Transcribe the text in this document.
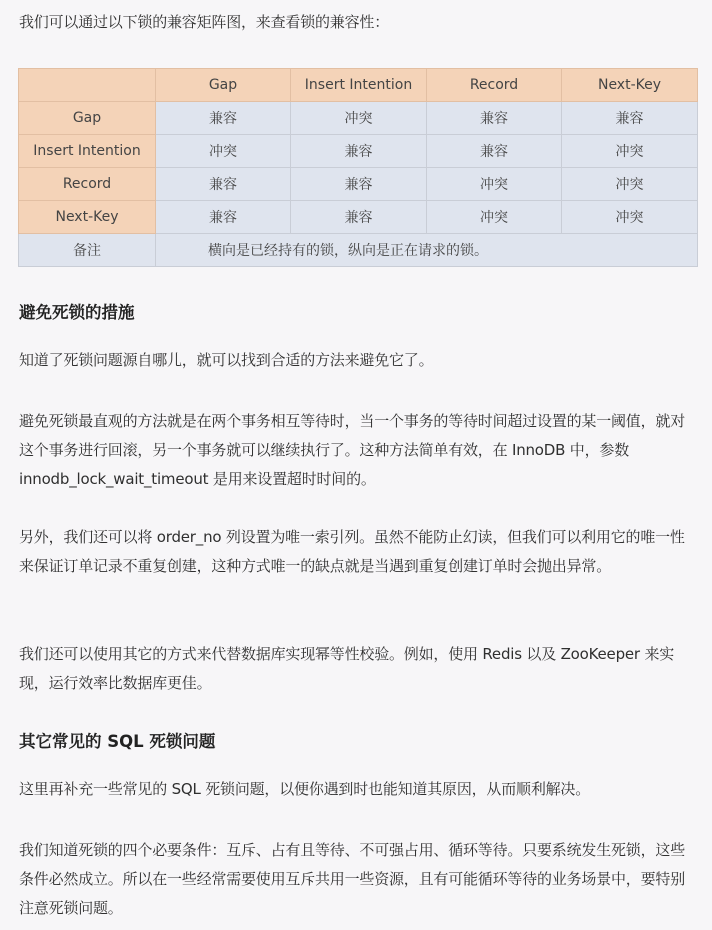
我们可以通过以下锁的兼容矩阵图，来查看锁的兼容性：

	Gap	Insert Intention	Record	Next-Key
Gap	兼容	冲突	兼容	兼容
Insert Intention	冲突	兼容	兼容	冲突
Record	兼容	兼容	冲突	冲突
Next-Key	兼容	兼容	冲突	冲突
备注	横向是已经持有的锁，纵向是正在请求的锁。			
避免死锁的措施

知道了死锁问题源自哪儿，就可以找到合适的方法来避免它了。

避免死锁最直观的方法就是在两个事务相互等待时，当一个事务的等待时间超过设置的某一阈值，就对这个事务进行回滚，另一个事务就可以继续执行了。这种方法简单有效，在 InnoDB 中，参数 innodb_lock_wait_timeout 是用来设置超时时间的。

另外，我们还可以将 order_no 列设置为唯一索引列。虽然不能防止幻读，但我们可以利用它的唯一性来保证订单记录不重复创建，这种方式唯一的缺点就是当遇到重复创建订单时会抛出异常。

我们还可以使用其它的方式来代替数据库实现幂等性校验。例如，使用 Redis 以及 ZooKeeper 来实现，运行效率比数据库更佳。

其它常见的 SQL 死锁问题

这里再补充一些常见的 SQL 死锁问题，以便你遇到时也能知道其原因，从而顺利解决。

我们知道死锁的四个必要条件：互斥、占有且等待、不可强占用、循环等待。只要系统发生死锁，这些条件必然成立。所以在一些经常需要使用互斥共用一些资源，且有可能循环等待的业务场景中，要特别注意死锁问题。
